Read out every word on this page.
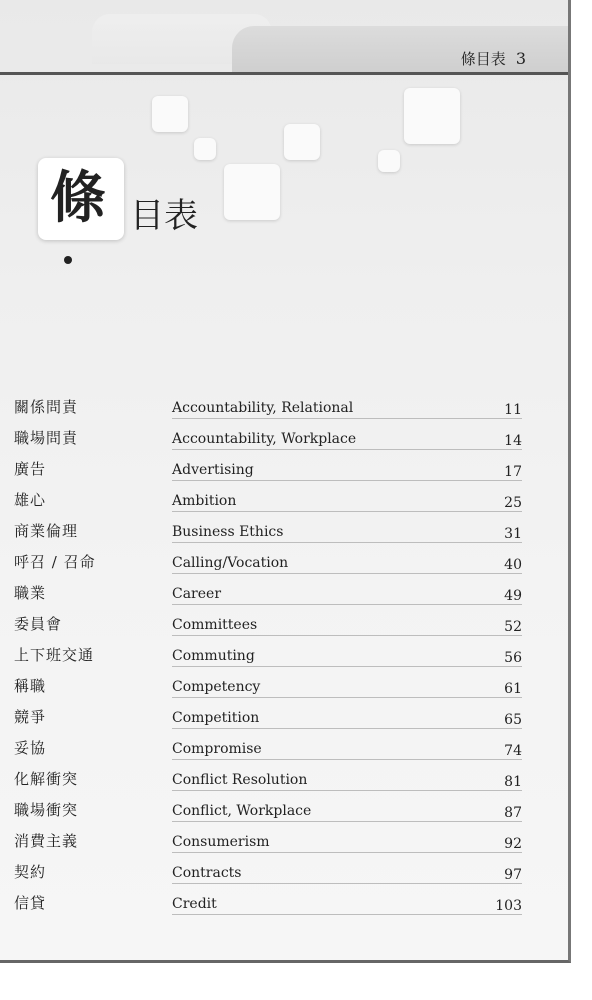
條目表 3
條 目表
關係問責	Accountability, Relational	11
職場問責	Accountability, Workplace	14
廣告	Advertising	17
雄心	Ambition	25
商業倫理	Business Ethics	31
呼召 / 召命	Calling/Vocation	40
職業	Career	49
委員會	Committees	52
上下班交通	Commuting	56
稱職	Competency	61
競爭	Competition	65
妥協	Compromise	74
化解衝突	Conflict Resolution	81
職場衝突	Conflict, Workplace	87
消費主義	Consumerism	92
契約	Contracts	97
信貸	Credit	103
